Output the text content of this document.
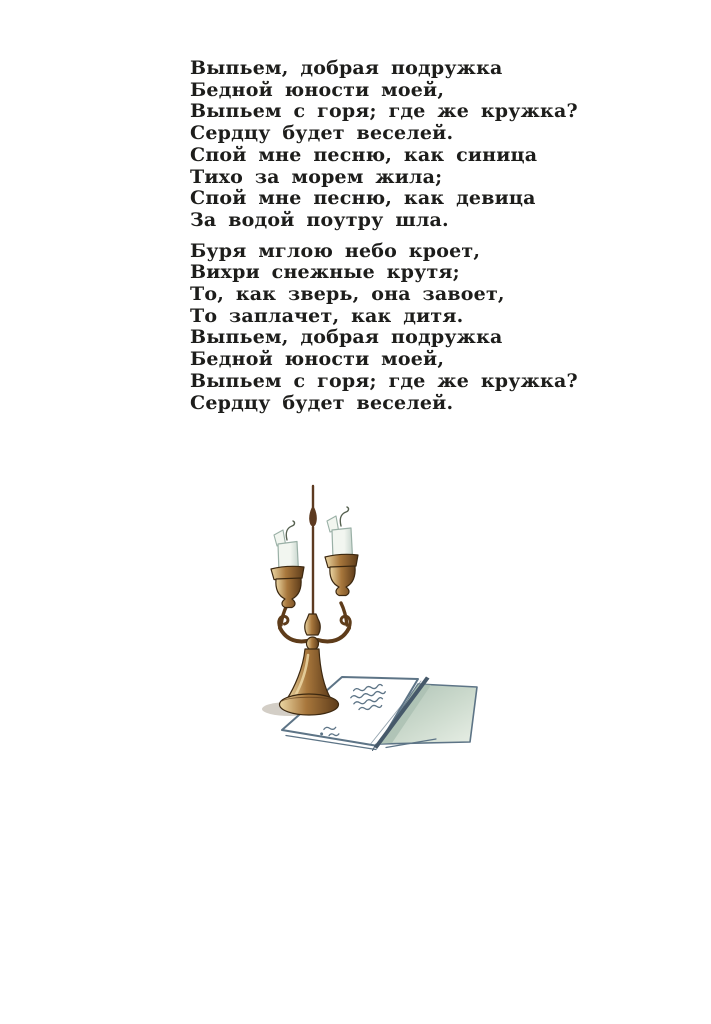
Выпьем, добрая подружка
Бедной юности моей,
Выпьем с горя; где же кружка?
Сердцу будет веселей.
Спой мне песню, как синица
Тихо за морем жила;
Спой мне песню, как девица
За водой поутру шла.
Буря мглою небо кроет,
Вихри снежные крутя;
То, как зверь, она завоет,
То заплачет, как дитя.
Выпьем, добрая подружка
Бедной юности моей,
Выпьем с горя; где же кружка?
Сердцу будет веселей.
